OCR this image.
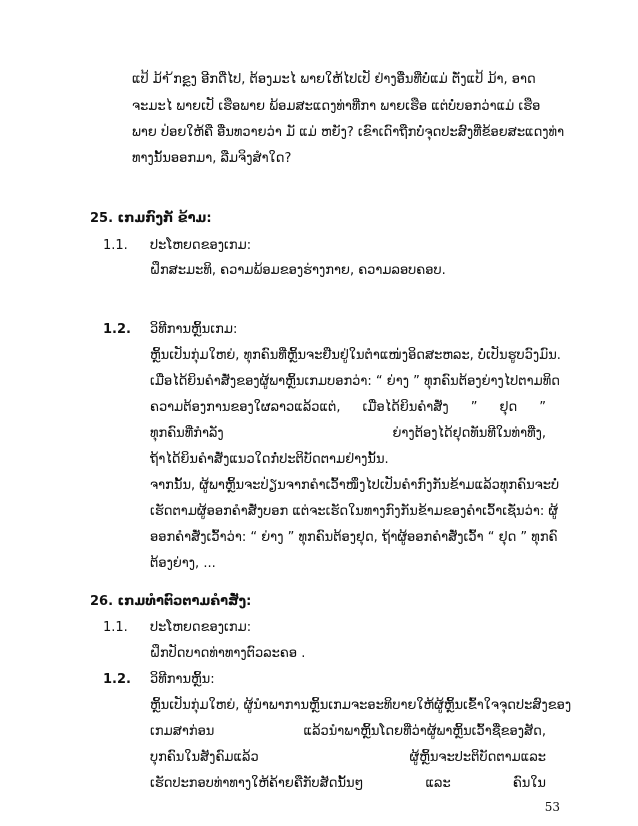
ແປ້ ມ້າ ້ກຂຼງ ອີກດີ່ໄປ, ຕ້ອງມະໄ ພາຍໃຫ້ໄປເປັ ຢ່າງອື່ນທີ່ບໍ່ແມ່ ຕັ່ງແປ້ ມ້າ, ອາດ
ຈະມະໄ ພາຍເປັ ເຮືອພາຍ ພ້ອມສະແດງທ່າທີ່ກາ ພາຍເຮືອ ແຕ່ບໍ່ບອກວ່າແມ່ ເຮືອ
ພາຍ ປ່ອຍໃຫ້ຄື ອື່ນທວາຍວ່າ ມັ ແມ່ ຫຍັງ? ເຂົາເດົາຖືກບໍ່ຈຸດປະສົງທີ່ຂ້ອຍສະແດງທ່າ
ທາງນັ້ນອອກມາ, ລືມຈິງສຳໃດ?
25. ເກມກົງກັ ຂ້າມ:
1.1. ປະໂຫຍດຂອງເກມ:
ຝຶກສະມະທິ, ຄວາມພ້ອມຂອງຮ່າງກາຍ, ຄວາມລອບຄອບ.
1.2. ວິທີການຫຼິ້ນເກມ:
ຫຼິ້ນເປັນກຸ່ມໃຫຍ່, ທຸກຄົນທີ່ຫຼິ້ນຈະຢືນຢູ່ໃນຕຳແໜ່ງອິດສະຫລະ, ບໍ່ເປັນຮູບວົງມົນ.
ເມື່ອໄດ້ຍິນຄຳສັ່ງຂອງຜູ້ພາຫຼິ້ນເກມບອກວ່າ: “ ຍ່າງ ” ທຸກຄົນຕ້ອງຍ່າງໄປຕາມທິດ
ຄວາມຕ້ອງການຂອງໃຜລາວແລ້ວແຕ່, ເມື່ອໄດ້ຍິນຄຳສັ່ງ ” ຢຸດ ”
ທຸກຄົນທີ່ກຳລັງ	ຍ່າງຕ້ອງໄດ້ຢຸດທັນທີໃນທ່າທີ່ງ,
ຖ້າໄດ້ຍິນຄຳສັ່ງແນວໃດກໍ່ປະຕິບັດຕາມຢ່າງນັ້ນ.
ຈາກນັ້ນ, ຜູ້ພາຫຼິ້ນຈະປ່ຽນຈາກຄຳເວົ້າໜຶ່ງໄປເປັນຄຳກົງກັນຂ້າມແລ້ວທຸກຄົນຈະບໍ່
ເຮັດຕາມຜູ້ອອກຄຳສັ່ງບອກ ແຕ່ຈະເຮັດໃນທາງກົງກັນຂ້າມຂອງຄຳເວົ້າເຊັ່ນວ່າ: ຜູ້
ອອກຄຳສັ່ງເວົ້າວ່າ: “ ຍ່າງ ” ທຸກຄົນຕ້ອງຢຸດ, ຖ້າຜູ້ອອກຄຳສັ່ງເວົ້າ “ ຢຸດ ” ທຸກຄົ
ຕ້ອງຍ່າງ, ...
26. ເກມທຳຕົວຕາມຄຳສັ່ງ:
1.1. ປະໂຫຍດຂອງເກມ:
ຝຶກປັດບາດທ່າທາງຕົວລະຄອ .
1.2. ວິທີການຫຼິ້ນ:
ຫຼິ້ນເປັນກຸ່ມໃຫຍ່, ຜູ້ນຳພາການຫຼິ້ນເກມຈະອະທິບາຍໃຫ້ຜູ້ຫຼິ້ນເຂົ້າໃຈຈຸດປະສົງຂອງ
ເກມສາກ່ອນ	ແລ້ວນຳພາຫຼິ້ນໂດຍທີ່ວ່າຜູ້ພາຫຼິ້ນເວົ້າຊື່ຂອງສັດ,
ບຸກຄົນໃນສັງຄົມແລ້ວ	ຜູ້ຫຼິ້ນຈະປະຕິບັດຕາມແລະ
ເຮັດປະກອບທ່າທາງໃຫ້ຄ້າຍຄືກັບສັດນັ້ນໆ	ແລະ	ຄົນໃນ
53
